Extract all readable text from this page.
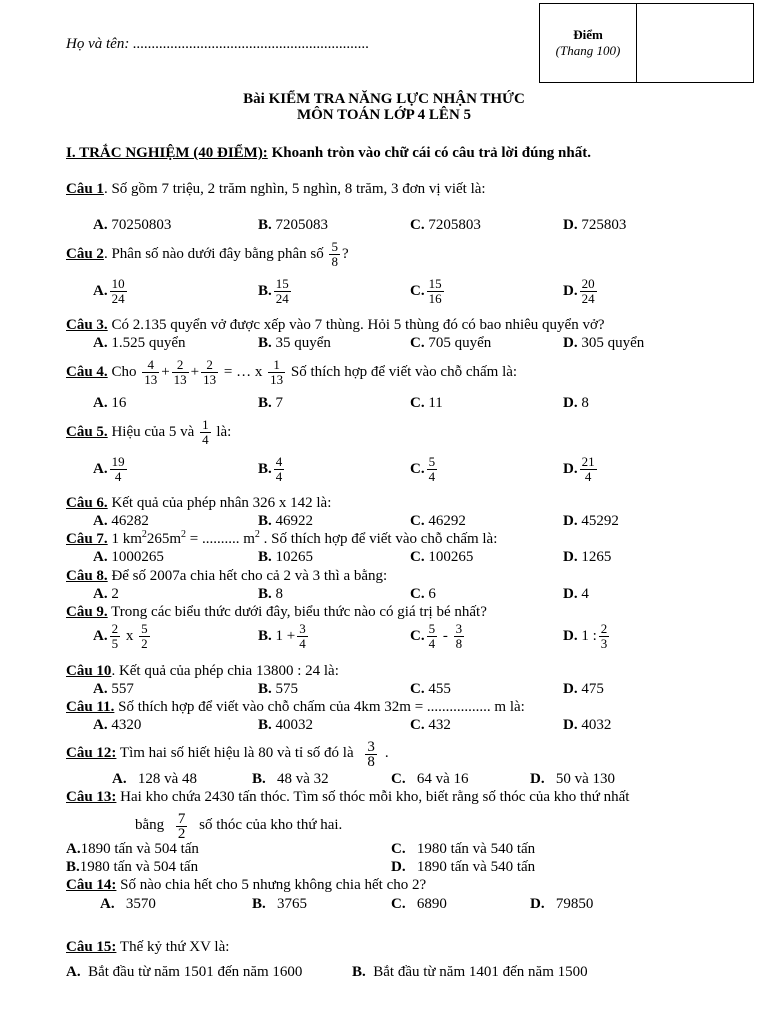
Họ và tên: ...............................................................
Điểm
(Thang 100)

Bài KIỂM TRA NĂNG LỰC NHẬN THỨC
MÔN TOÁN LỚP 4 LÊN 5
I. TRẮC NGHIỆM (40 ĐIỂM): Khoanh tròn vào chữ cái có câu trả lời đúng nhất.
Câu 1. Số gồm 7 triệu, 2 trăm nghìn, 5 nghìn, 8 trăm, 3 đơn vị viết là:
A. 70250803	B. 7205083	C. 7205803	D. 725803
Câu 2. Phân số nào dưới đây bằng phân số $\frac{5}{8}$ ?
A. $\frac{10}{24}$	B. $\frac{15}{24}$	C. $\frac{15}{16}$	D. $\frac{20}{24}$
Câu 3. Có 2.135 quyển vở được xếp vào 7 thùng. Hỏi 5 thùng đó có bao nhiêu quyển vở?
A. 1.525 quyển	B. 35 quyển	C. 705 quyển	D. 305 quyển
Câu 4. Cho $\frac{4}{13} + \frac{2}{13} + \frac{2}{13}$ = … x $\frac{1}{13}$ Số thích hợp để viết vào chỗ chấm là:
A. 16	B. 7	C. 11	D. 8
Câu 5. Hiệu của 5 và $\frac{1}{4}$ là:
A. $\frac{19}{4}$	B. $\frac{4}{4}$	C. $\frac{5}{4}$	D. $\frac{21}{4}$
Câu 6. Kết quả của phép nhân 326 x 142 là:
A. 46282	B. 46922	C. 46292	D. 45292
Câu 7. 1 $km^2265m^2$ = .......... $m^2$ . Số thích hợp để viết vào chỗ chấm là:
A. 1000265	B. 10265	C. 100265	D. 1265
Câu 8. Để số 2007a chia hết cho cả 2 và 3 thì a bằng:
A. 2	B. 8	C. 6	D. 4
Câu 9. Trong các biểu thức dưới đây, biểu thức nào có giá trị bé nhất?
A. $\frac{2}{5}$ x $\frac{5}{2}$	B. $1 + \frac{3}{4}$	C. $\frac{5}{4} - \frac{3}{8}$	D. 1 : $\frac{2}{3}$
Câu 10. Kết quả của phép chia 13800 : 24 là:
A. 557	B. 575	C. 455	D. 475
Câu 11. Số thích hợp để viết vào chỗ chấm của 4km 32m = ................. m là:
A. 4320	B. 40032	C. 432	D. 4032
Câu 12: Tìm hai số hiết hiệu là 80 và tỉ số đó là $\frac{3}{8}$ .
A. 128 và 48	B. 48 và 32	C. 64 và 16	D. 50 và 130
Câu 13: Hai kho chứa 2430 tấn thóc. Tìm số thóc mỗi kho, biết rằng số thóc của kho thứ nhất
bằng $\frac{7}{2}$ số thóc của kho thứ hai.
A.1890 tấn và 504 tấn	C. 1980 tấn và 540 tấn
B.1980 tấn và 504 tấn	D. 1890 tấn và 540 tấn
Câu 14: Số nào chia hết cho 5 nhưng không chia hết cho 2?
A. 3570	B. 3765	C. 6890	D. 79850
Câu 15: Thế kỷ thứ XV là:
A. Bắt đầu từ năm 1501 đến năm 1600	B. Bắt đầu từ năm 1401 đến năm 1500
